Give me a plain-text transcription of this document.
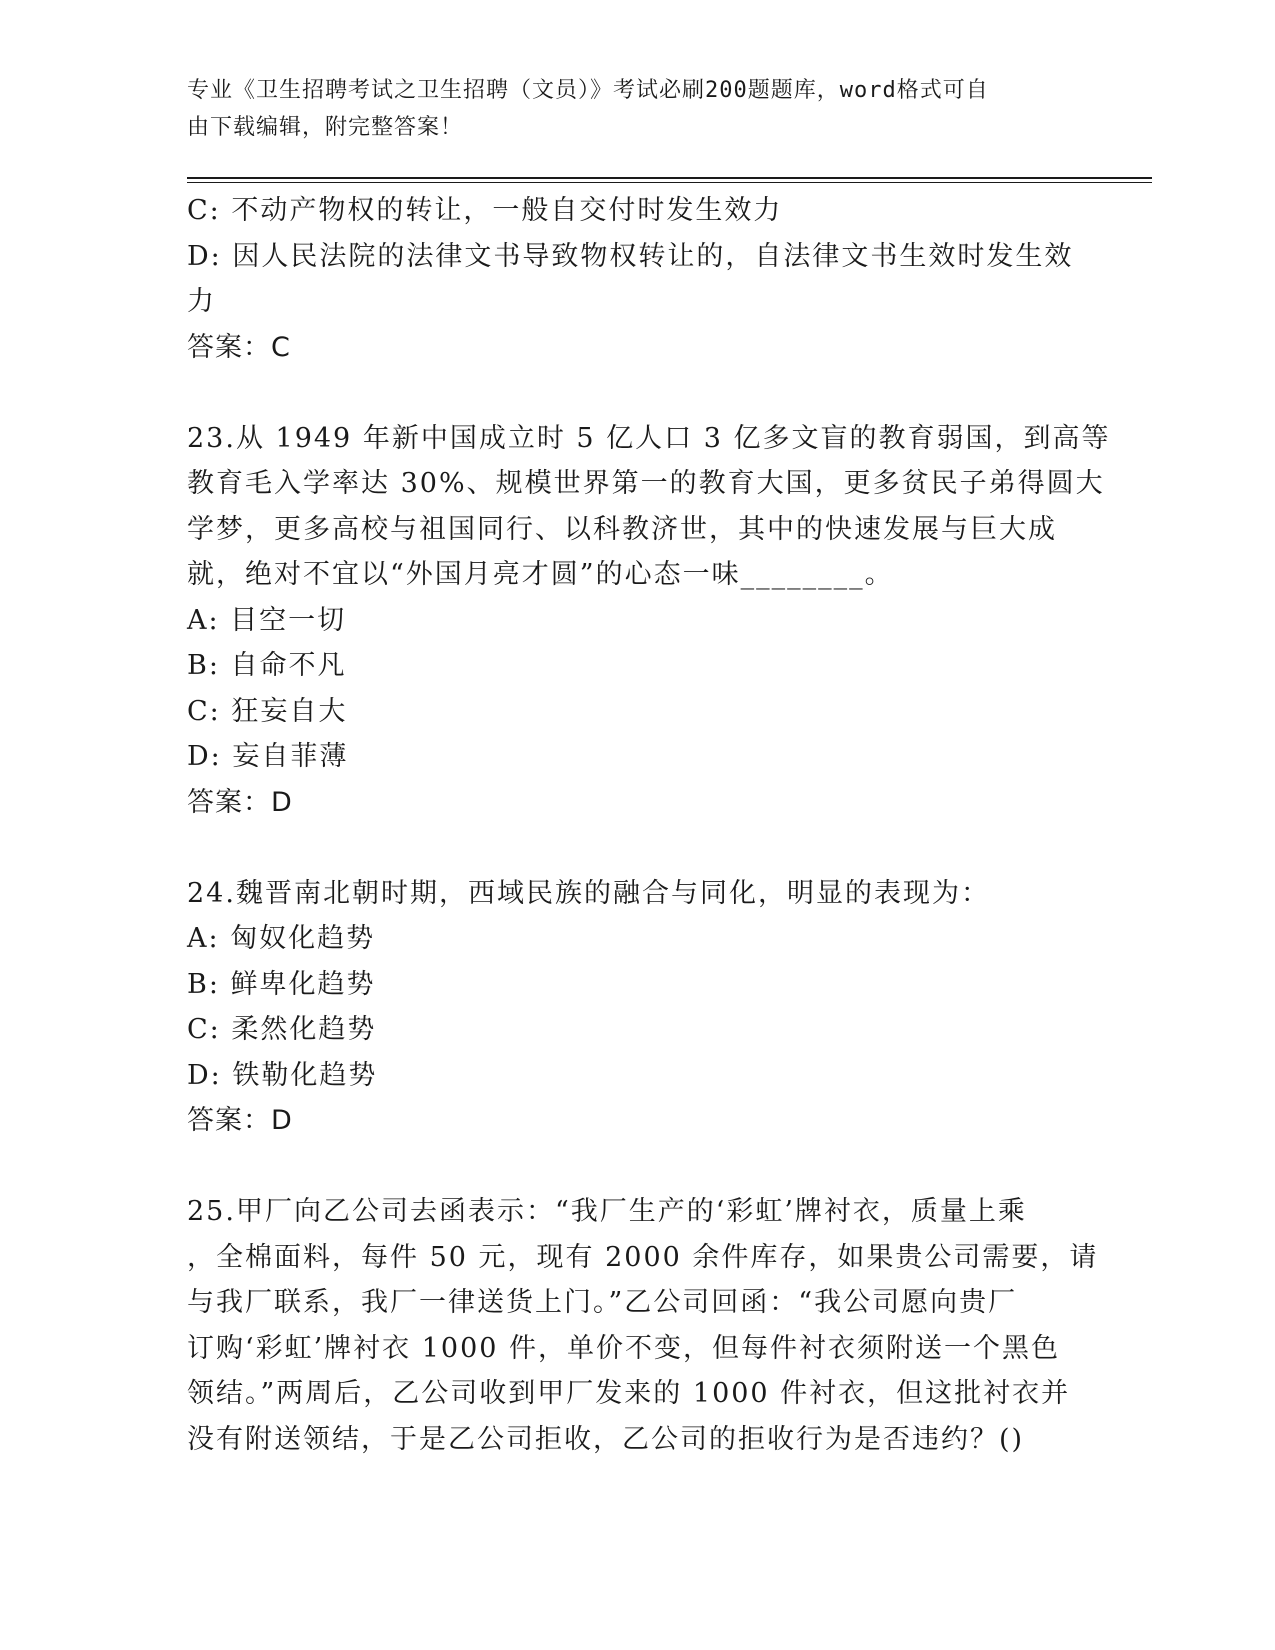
专业《卫生招聘考试之卫生招聘（文员）》考试必刷200题题库，word格式可自
由下载编辑，附完整答案！

C: 不动产物权的转让，一般自交付时发生效力

D: 因人民法院的法律文书导致物权转让的，自法律文书生效时发生效

力

答案：C

23.从 1949 年新中国成立时 5 亿人口 3 亿多文盲的教育弱国，到高等

教育毛入学率达 30%、规模世界第一的教育大国，更多贫民子弟得圆大

学梦，更多高校与祖国同行、以科教济世，其中的快速发展与巨大成

就，绝对不宜以“外国月亮才圆”的心态一味________。

A: 目空一切

B: 自命不凡

C: 狂妄自大

D: 妄自菲薄

答案：D

24.魏晋南北朝时期，西域民族的融合与同化，明显的表现为：

A: 匈奴化趋势

B: 鲜卑化趋势

C: 柔然化趋势

D: 铁勒化趋势

答案：D

25.甲厂向乙公司去函表示：“我厂生产的‘彩虹’牌衬衣，质量上乘

，全棉面料，每件 50 元，现有 2000 余件库存，如果贵公司需要，请

与我厂联系，我厂一律送货上门。”乙公司回函：“我公司愿向贵厂

订购‘彩虹’牌衬衣 1000 件，单价不变，但每件衬衣须附送一个黑色

领结。”两周后，乙公司收到甲厂发来的 1000 件衬衣，但这批衬衣并

没有附送领结，于是乙公司拒收，乙公司的拒收行为是否违约？()
